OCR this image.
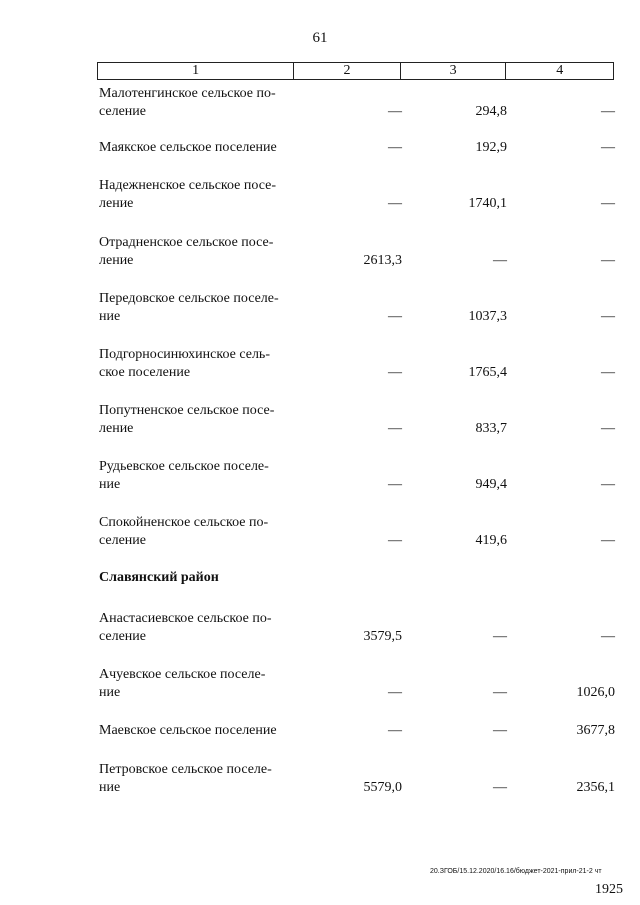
61
1	2	3	4
Малотенгинское сельское по-
селение	—	294,8	—
Маякское сельское поселение	—	192,9	—
Надежненское сельское посе-
ление	—	1740,1	—
Отрадненское сельское посе-
ление	2613,3	—	—
Передовское сельское поселе-
ние	—	1037,3	—
Подгорносинюхинское сель-
ское поселение	—	1765,4	—
Попутненское сельское посе-
ление	—	833,7	—
Рудьевское сельское поселе-
ние	—	949,4	—
Спокойненское сельское по-
селение	—	419,6	—
Славянский район
Анастасиевское сельское по-
селение	3579,5	—	—
Ачуевское сельское поселе-
ние	—	—	1026,0
Маевское сельское поселение	—	—	3677,8
Петровское сельское поселе-
ние	5579,0	—	2356,1
20.ЗГОБ/15.12.2020/16.16/бюджет-2021-прил-21-2 чт
1925
